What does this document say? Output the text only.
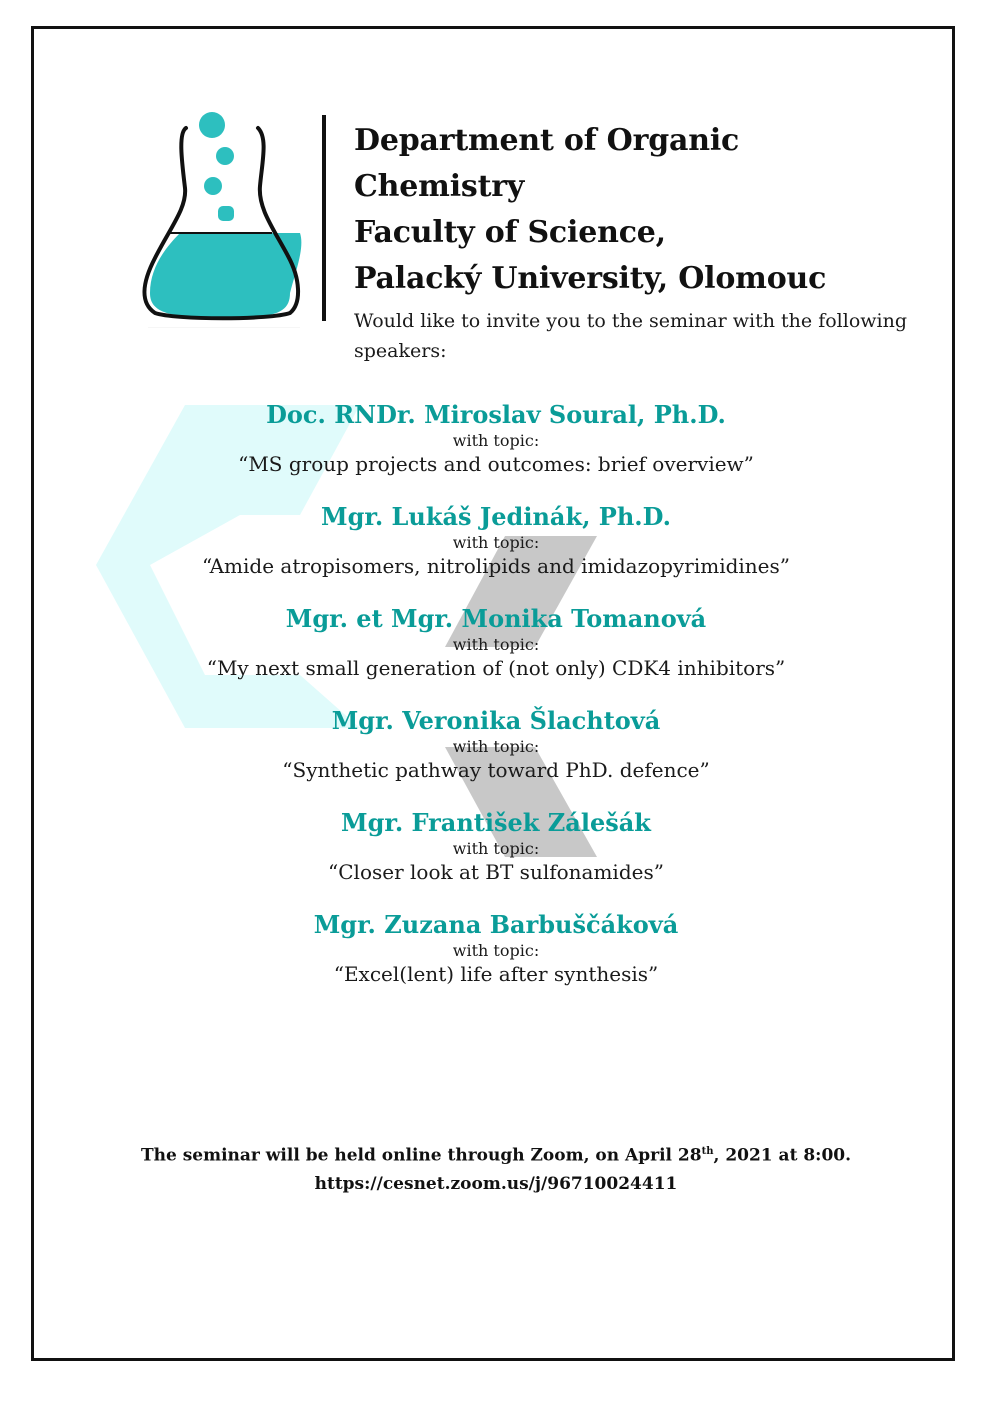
Department of Organic Chemistry
Faculty of Science,
Palacký University, Olomouc

Would like to invite you to the seminar with the following speakers:

Doc. RNDr. Miroslav Soural, Ph.D.
with topic:
“MS group projects and outcomes: brief overview”
Mgr. Lukáš Jedinák, Ph.D.
with topic:
“Amide atropisomers, nitrolipids and imidazopyrimidines”
Mgr. et Mgr. Monika Tomanová
with topic:
“My next small generation of (not only) CDK4 inhibitors”
Mgr. Veronika Šlachtová
with topic:
“Synthetic pathway toward PhD. defence”
Mgr. František Zálešák
with topic:
“Closer look at BT sulfonamides”
Mgr. Zuzana Barbuščáková
with topic:
“Excel(lent) life after synthesis”
The seminar will be held online through Zoom, on April 28th, 2021 at 8:00.
https://cesnet.zoom.us/j/96710024411
